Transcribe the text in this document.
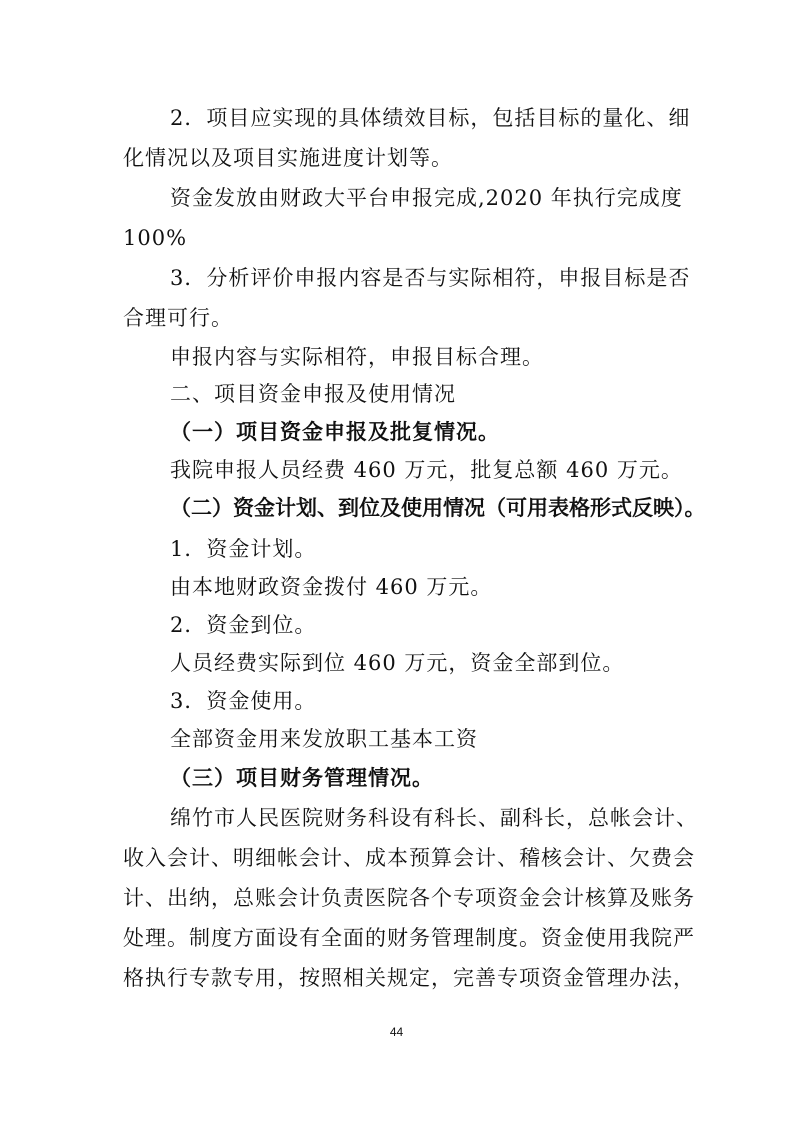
2．项目应实现的具体绩效目标，包括目标的量化、细
化情况以及项目实施进度计划等。
资金发放由财政大平台申报完成,2020 年执行完成度
100%
3．分析评价申报内容是否与实际相符，申报目标是否
合理可行。
申报内容与实际相符，申报目标合理。
二、项目资金申报及使用情况
（一）项目资金申报及批复情况。
我院申报人员经费 460 万元，批复总额 460 万元。
（二）资金计划、到位及使用情况（可用表格形式反映）。
1．资金计划。
由本地财政资金拨付 460 万元。
2．资金到位。
人员经费实际到位 460 万元，资金全部到位。
3．资金使用。
全部资金用来发放职工基本工资
（三）项目财务管理情况。
绵竹市人民医院财务科设有科长、副科长，总帐会计、
收入会计、明细帐会计、成本预算会计、稽核会计、欠费会
计、出纳，总账会计负责医院各个专项资金会计核算及账务
处理。制度方面设有全面的财务管理制度。资金使用我院严
格执行专款专用，按照相关规定，完善专项资金管理办法，
44
